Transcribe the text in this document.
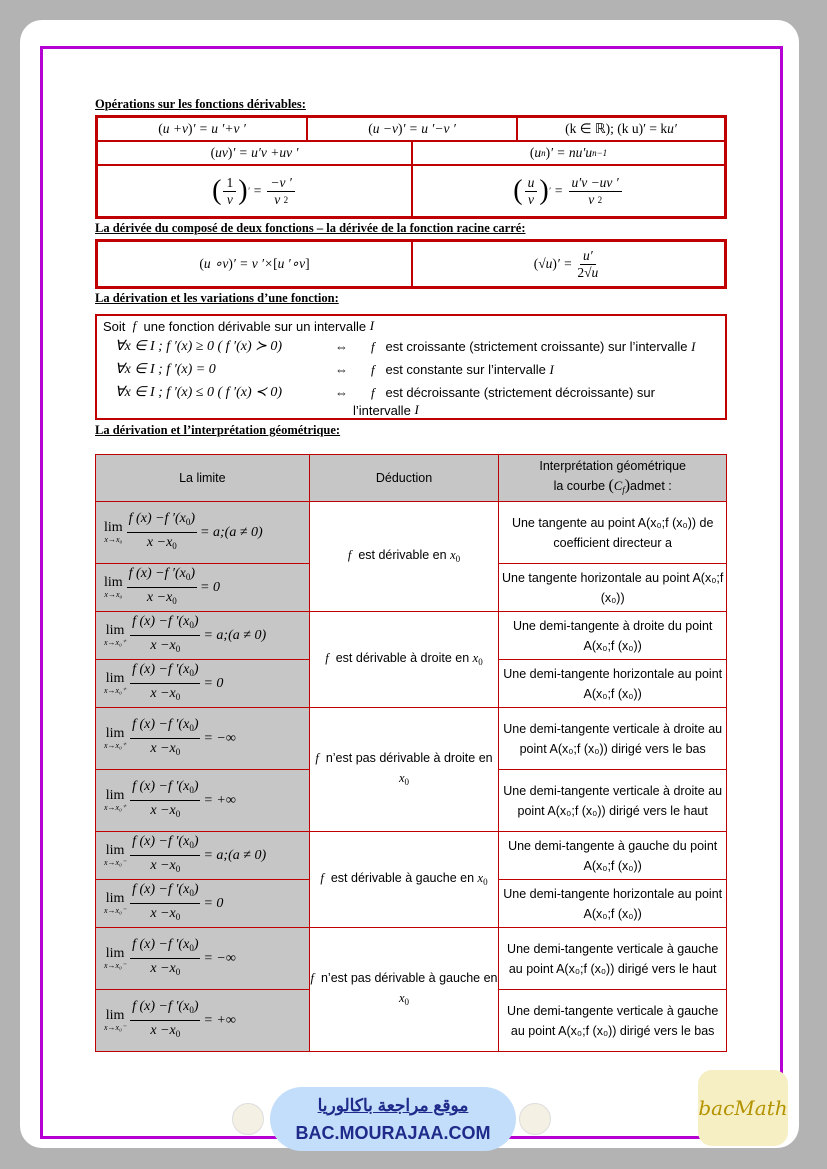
Opérations sur les fonctions dérivables:
( u +v ) ′ = u ′+v ′	( u −v ) ′ = u ′−v ′	(k ∈ ℝ); (k u)′ = k u′
( uv ) ′ = u′v +uv ′	( u n ) ′ = nu′u n−1
( $\frac{1}{v}$ ) ′ = $\frac{-v '}{v ^2}$	( $\frac{u}{v}$ ) ′ = $\frac{u'v -uv '}{v ^2}$
La dérivée du composé de deux fonctions – la dérivée de la fonction racine carré:
( u ∘v ) ′ = v ′× [ u ′∘v ]	( √u ) ′ = $\frac{u'}{2√u}$
La dérivation et les variations d’une fonction:
Soit
f
une fonction dérivable sur un intervalle
I
∀x ∈ I ; f ′(x) ≥ 0 ( f ′(x) ≻ 0)	⇔	f
est croissante (strictement croissante) sur l’intervalle
I
∀x ∈ I ; f ′(x) = 0	⇔	f
est constante sur l’intervalle
I
∀x ∈ I ; f ′(x) ≤ 0 ( f ′(x) ≺ 0)	⇔	f
est décroissante (strictement décroissante) sur
l’intervalle
I
La dérivation et l’interprétation géométrique:
La limite	Déduction	Interprétation géométrique
la courbe $(C_f)admet$ :

lim
$x\to x_0 \frac{f (x) -f '(x_0)}{x -x_0}$ = a;(a ≠ 0)	f est dérivable en $x_0$	Une tangente au point A(x₀;f (x₀)) de coefficient directeur a

lim
$x\to x_0 \frac{f (x) -f '(x_0)}{x -x_0} = 0$		Une tangente horizontale au point A(x₀;f (x₀))

lim
$x\to x_0^+ \frac{f (x) -f '(x_0)}{x -x_0}$ = a;(a ≠ 0)	f est dérivable à droite en $x_0$	Une demi-tangente à droite du point A(x₀;f (x₀))

lim
$x\to x_0^+ \frac{f (x) -f '(x_0)}{x -x_0} = 0$		Une demi-tangente horizontale au point A(x₀;f (x₀))

lim
$x\to x_0^+ \frac{f (x) -f '(x_0)}{x -x_0}$ = −∞	f n’est pas dérivable à droite en $x_0$	Une demi-tangente verticale à droite au point A(x₀;f (x₀)) dirigé vers le bas

lim
$x\to x_0^+ \frac{f (x) -f '(x_0)}{x -x_0}$ = +∞		Une demi-tangente verticale à droite au point A(x₀;f (x₀)) dirigé vers le haut

lim
$x\to x_0^- \frac{f (x) -f '(x_0)}{x -x_0}$ = a;(a ≠ 0)	f est dérivable à gauche en $x_0$	Une demi-tangente à gauche du point A(x₀;f (x₀))

lim
$x\to x_0^- \frac{f (x) -f '(x_0)}{x -x_0} = 0$		Une demi-tangente horizontale au point A(x₀;f (x₀))

lim
$x\to x_0^- \frac{f (x) -f '(x_0)}{x -x_0}$ = −∞	f n’est pas dérivable à gauche en $x_0$	Une demi-tangente verticale à gauche au point A(x₀;f (x₀)) dirigé vers le haut

lim
$x\to x_0^- \frac{f (x) -f '(x_0)}{x -x_0}$ = +∞		Une demi-tangente verticale à gauche au point A(x₀;f (x₀)) dirigé vers le bas
موقع مراجعة باكالوريا
BAC.MOURAJAA.COM
bacMath
